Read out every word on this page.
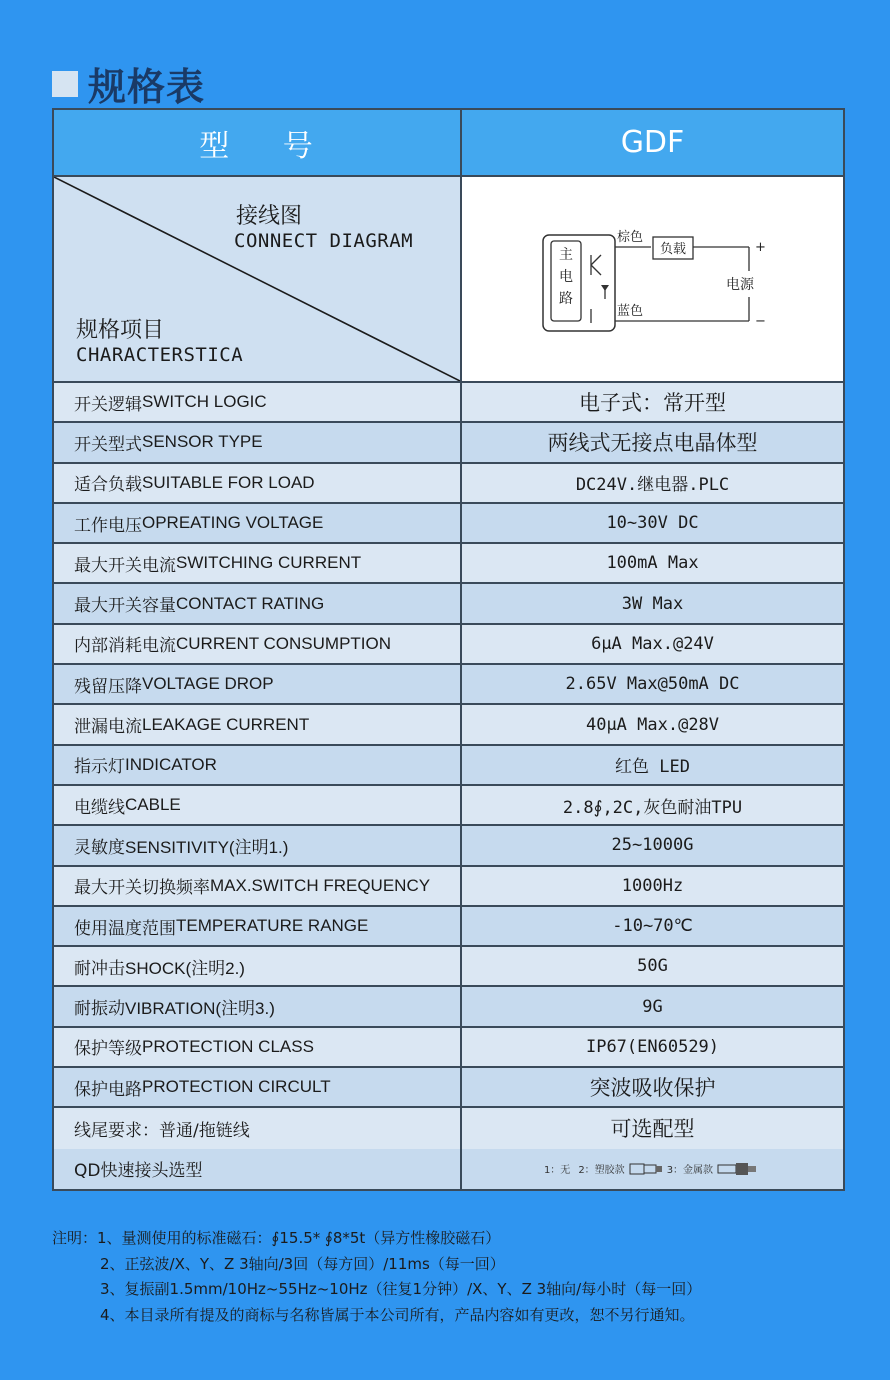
规格表
型 号	GDF
接线图
CONNECT DIAGRAM
规格项目
CHARACTERSTICA
主
电
路
棕色
蓝色
负载	+
−
电源
开关逻辑 SWITCH LOGIC	电子式：常开型
开关型式 SENSOR TYPE	两线式无接点电晶体型
适合负载 SUITABLE FOR LOAD	DC24V.继电器.PLC
工作电压 OPREATING VOLTAGE	10~30V DC
最大开关电流 SWITCHING CURRENT	100mA Max
最大开关容量 CONTACT RATING	3W Max
内部消耗电流 CURRENT CONSUMPTION	6μA Max.@24V
残留压降 VOLTAGE DROP	2.65V Max@50mA DC
泄漏电流 LEAKAGE CURRENT	40μA Max.@28V
指示灯 INDICATOR	红色 LED
电缆线 CABLE	2.8∮,2C,灰色耐油TPU
灵敏度 SENSITIVITY(注明1.)	25~1000G
最大开关切换频率 MAX.SWITCH FREQUENCY	1000Hz
使用温度范围 TEMPERATURE RANGE	-10~70℃
耐冲击 SHOCK(注明2.)	50G
耐振动 VIBRATION(注明3.)	9G
保护等级 PROTECTION CLASS	IP67(EN60529)
保护电路 PROTECTION CIRCULT	突波吸收保护
线尾要求：普通/拖链线	可选配型
QD快速接头选型	1：无 2：塑胶款	3：金属款
注明：1、量测使用的标准磁石：∮15.5* ∮8*5t（异方性橡胶磁石）
2、正弦波/X、Y、Z 3轴向/3回（每方回）/11ms（每一回）
3、复振副1.5mm/10Hz~55Hz~10Hz（往复1分钟）/X、Y、Z 3轴向/每小时（每一回）
4、本目录所有提及的商标与名称皆属于本公司所有，产品内容如有更改，恕不另行通知。
